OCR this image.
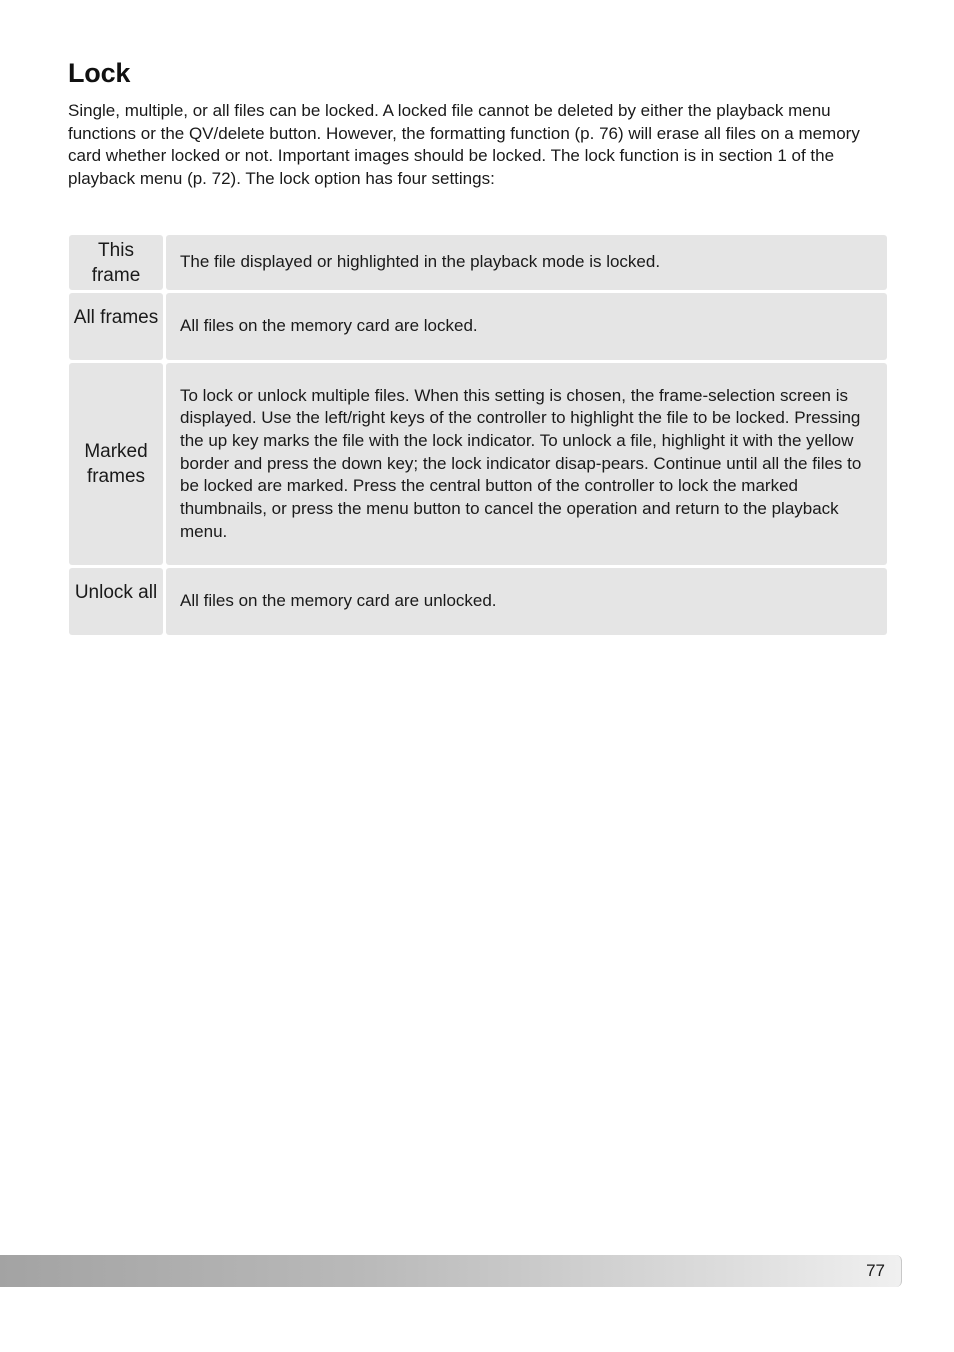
Lock

Single, multiple, or all files can be locked. A locked file cannot be deleted by either the playback menu functions or the QV/delete button. However, the formatting function (p. 76) will erase all files on a memory card whether locked or not. Important images should be locked. The lock function is in section 1 of the playback menu (p. 72). The lock option has four settings:

This frame	The file displayed or highlighted in the playback mode is locked.
All frames	All files on the memory card are locked.
Marked frames	To lock or unlock multiple files. When this setting is chosen, the frame-selection screen is displayed. Use the left/right keys of the controller to highlight the file to be locked. Pressing the up key marks the file with the lock indicator. To unlock a file, highlight it with the yellow border and press the down key; the lock indicator disap-pears. Continue until all the files to be locked are marked. Press the central button of the controller to lock the marked thumbnails, or press the menu button to cancel the operation and return to the playback menu.
Unlock all	All files on the memory card are unlocked.
77
